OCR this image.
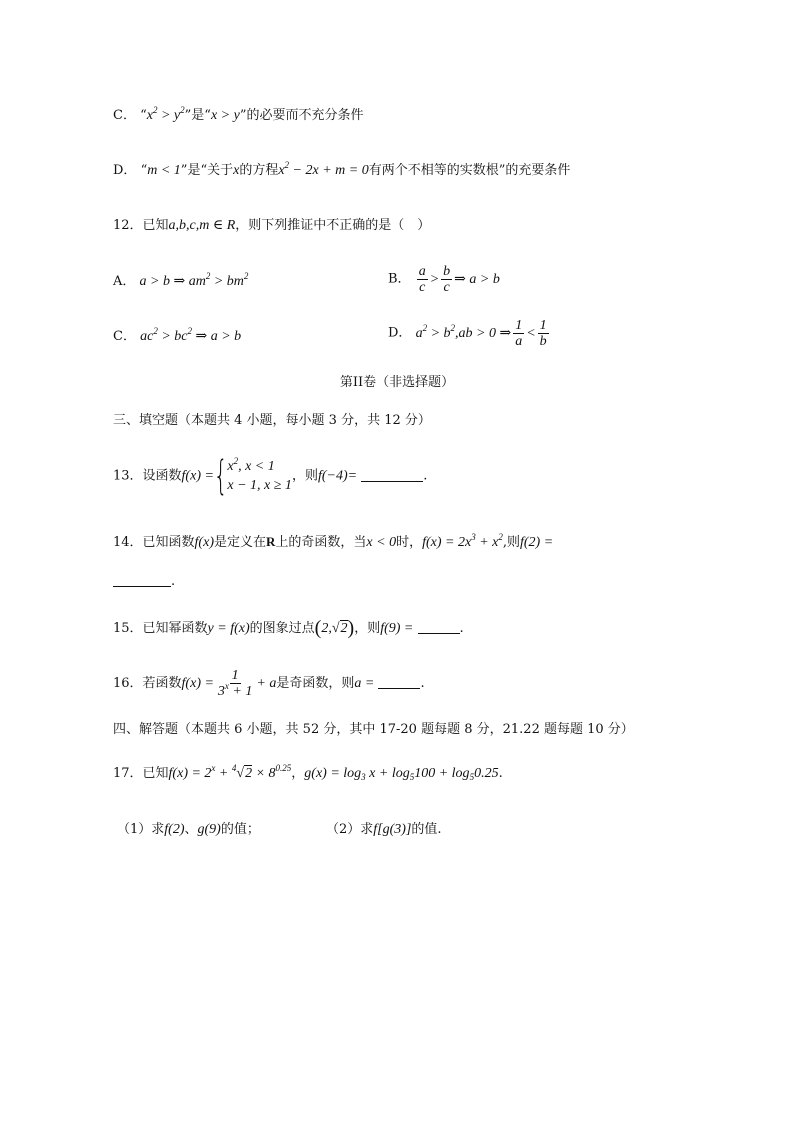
C． “$x^2 > y^2$”是“x > y”的必要而不充分条件
D． “m < 1”是“关于x的方程$x^2 - 2x + m = 0$有两个不相等的实数根”的充要条件
12．已知a,b,c,m ∈ R，则下列推证中不正确的是（　）
A． a > b ⇒ $am^2 > bm^2$	B． $\frac{a}{c} > \frac{b}{c}$ ⇒ a > b
C． $ac^2 > bc^2$ ⇒ a > b	D． $a^2 > b^2,ab > 0$ ⇒ $\frac{1}{a} < \frac{1}{b}$
第II卷（非选择题）
三、填空题（本题共 4 小题，每小题 3 分，共 12 分）
13．设函数f(x) ={ $x^2$, x < 1
x − 1, x ≥ 1
，则f(−4)=	.
14．已知函数f(x)是定义在R上的奇函数，当x < 0时，$f(x) = 2x^3 + x^2$,则f(2) =
.
15．已知幂函数y = f(x)的图象过点(2,√2)，则f(9) =	.
16．若函数$f(x) = \frac{1}{3^x + 1} + a$是奇函数，则a =	.
四、解答题（本题共 6 小题，共 52 分，其中 17-20 题每题 8 分，21.22 题每题 10 分）
17．已知$f(x) = 2^x + ^4√2 \times 8^{0.25}$，$g(x) = \log_3 x + \log_5100 + \log_50.25$.
（1）求f(2)、g(9)的值；	（2）求f[g(3)]的值.
